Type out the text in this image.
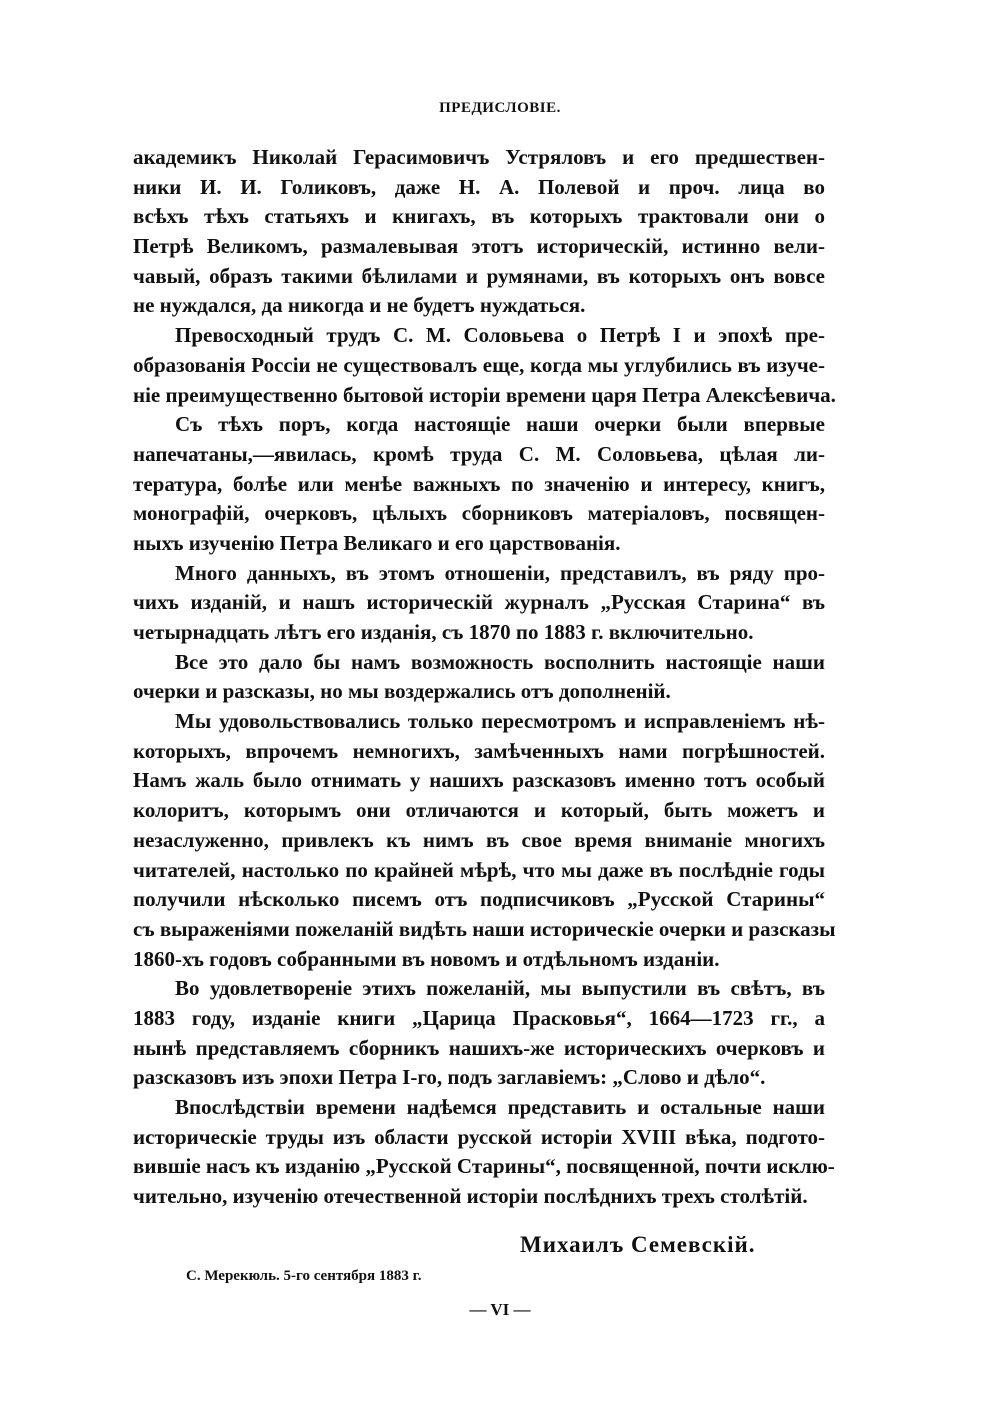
ПРЕДИСЛОВІЕ.
академикъ Николай Герасимовичъ Устряловъ и его предшествен-
ники И. И. Голиковъ, даже Н. А. Полевой и проч. лица во
всѣхъ тѣхъ статьяхъ и книгахъ, въ которыхъ трактовали они о
Петрѣ Великомъ, размалевывая этотъ историческій, истинно вели-
чавый, образъ такими бѣлилами и румянами, въ которыхъ онъ вовсе
не нуждался, да никогда и не будетъ нуждаться.
Превосходный трудъ С. М. Соловьева о Петрѣ I и эпохѣ пре-
образованія Россіи не существовалъ еще, когда мы углубились въ изуче-
ніе преимущественно бытовой исторіи времени царя Петра Алексѣевича.
Съ тѣхъ поръ, когда настоящіе наши очерки были впервые
напечатаны,—явилась, кромѣ труда С. М. Соловьева, цѣлая ли-
тература, болѣе или менѣе важныхъ по значенію и интересу, книгъ,
монографій, очерковъ, цѣлыхъ сборниковъ матеріаловъ, посвящен-
ныхъ изученію Петра Великаго и его царствованія.
Много данныхъ, въ этомъ отношеніи, представилъ, въ ряду про-
чихъ изданій, и нашъ историческій журналъ „Русская Старина“ въ
четырнадцать лѣтъ его изданія, съ 1870 по 1883 г. включительно.
Все это дало бы намъ возможность восполнить настоящіе наши
очерки и разсказы, но мы воздержались отъ дополненій.
Мы удовольствовались только пересмотромъ и исправленіемъ нѣ-
которыхъ, впрочемъ немногихъ, замѣченныхъ нами погрѣшностей.
Намъ жаль было отнимать у нашихъ разсказовъ именно тотъ особый
колоритъ, которымъ они отличаются и который, быть можетъ и
незаслуженно, привлекъ къ нимъ въ свое время вниманіе многихъ
читателей, настолько по крайней мѣрѣ, что мы даже въ послѣдніе годы
получили нѣсколько писемъ отъ подписчиковъ „Русской Старины“
съ выраженіями пожеланій видѣть наши историческіе очерки и разсказы
1860-хъ годовъ собранными въ новомъ и отдѣльномъ изданіи.
Во удовлетвореніе этихъ пожеланій, мы выпустили въ свѣтъ, въ
1883 году, изданіе книги „Царица Прасковья“, 1664—1723 гг., а
нынѣ представляемъ сборникъ нашихъ-же историческихъ очерковъ и
разсказовъ изъ эпохи Петра I-го, подъ заглавіемъ: „Слово и дѣло“.
Впослѣдствіи времени надѣемся представить и остальные наши
историческіе труды изъ области русской исторіи XVIII вѣка, подгото-
вившіе насъ къ изданію „Русской Старины“, посвященной, почти исклю-
чительно, изученію отечественной исторіи послѣднихъ трехъ столѣтій.
Михаилъ Семевскій.
С. Мерекюль. 5-го сентября 1883 г.
— VI —
